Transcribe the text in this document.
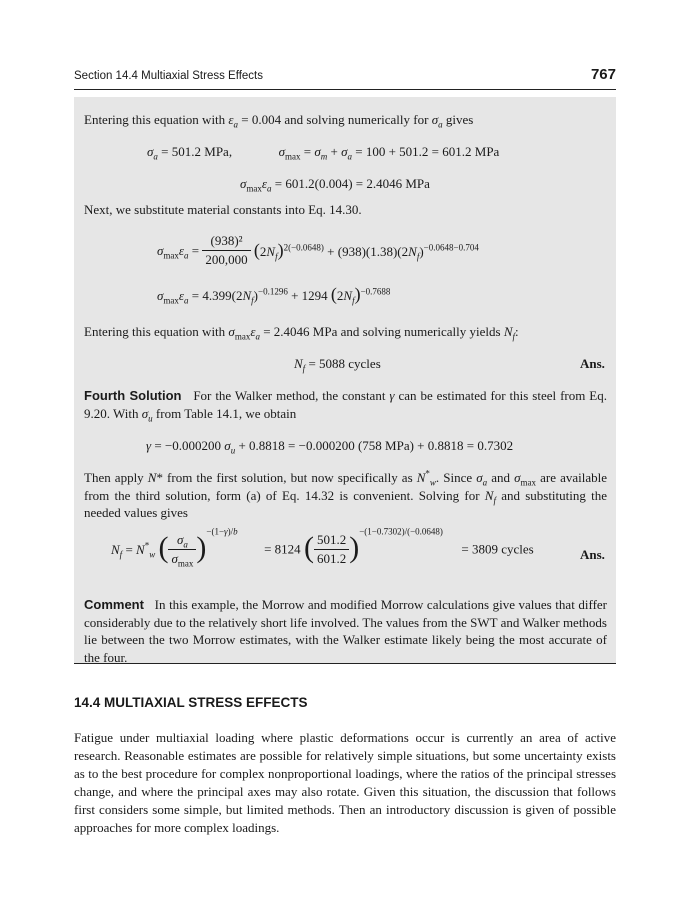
Section 14.4 Multiaxial Stress Effects	767
Entering this equation with $\varepsilon_a = 0.004$ and solving numerically for $\sigma_a$ gives
$\sigma_a = 501.2$ MPa,	$\sigma_{max} = \sigma_m + \sigma_a = 100 + 501.2 = 601.2$ MPa
$\sigma_{max}\varepsilon_a = 601.2(0.004) = 2.4046$ MPa
Next, we substitute material constants into Eq. 14.30.
$\sigma_{max}\varepsilon_a = \frac{\text{(938)²}}{200,000} (2N_f)^{2(-0.0648)} + (938)(1.38)(2N_f)^{-0.0648-0.704}$
$\sigma_{max}\varepsilon_a = 4.399(2N_f)^{-0.1296} + 1294$ $(2N_f)^{-0.7688}$
Entering this equation with $\sigma_{max}\varepsilon_a = 2.4046$ MPa and solving numerically yields $N_f$:
$N_f = 5088$ cycles	Ans.
Fourth Solution   For the Walker method, the constant γ can be estimated for this steel from Eq. 9.20. With $\sigma_u$ from Table 14.1, we obtain
γ = −0.000200 $\sigma_u + 0.8818 = -0.000200$ (758 MPa) + 0.8818 = 0.7302
Then apply N* from the first solution, but now specifically as $N^*_w$. Since $\sigma_a$ and $\sigma_{max}$ are available from the third solution, form (a) of Eq. 14.32 is convenient. Solving for $N_f$ and substituting the needed values gives
$N_f = N^*_w$ ( $\frac{\sigma_a}{\sigma_{max}} )^{-(1-\gamma)/b} = 8124$ ( $\frac{501.2}{601.2} )^{-(1-0.7302)/(-0.0648)} = 3809$ cycles	Ans.
Comment In this example, the Morrow and modified Morrow calculations give values that differ considerably due to the relatively short life involved. The values from the SWT and Walker methods lie between the two Morrow estimates, with the Walker estimate likely being the most accurate of the four.
14.4 MULTIAXIAL STRESS EFFECTS
Fatigue under multiaxial loading where plastic deformations occur is currently an area of active research. Reasonable estimates are possible for relatively simple situations, but some uncertainty exists as to the best procedure for complex nonproportional loadings, where the ratios of the principal stresses change, and where the principal axes may also rotate. Given this situation, the discussion that follows first considers some simple, but limited methods. Then an introductory discussion is given of possible approaches for more complex loadings.
